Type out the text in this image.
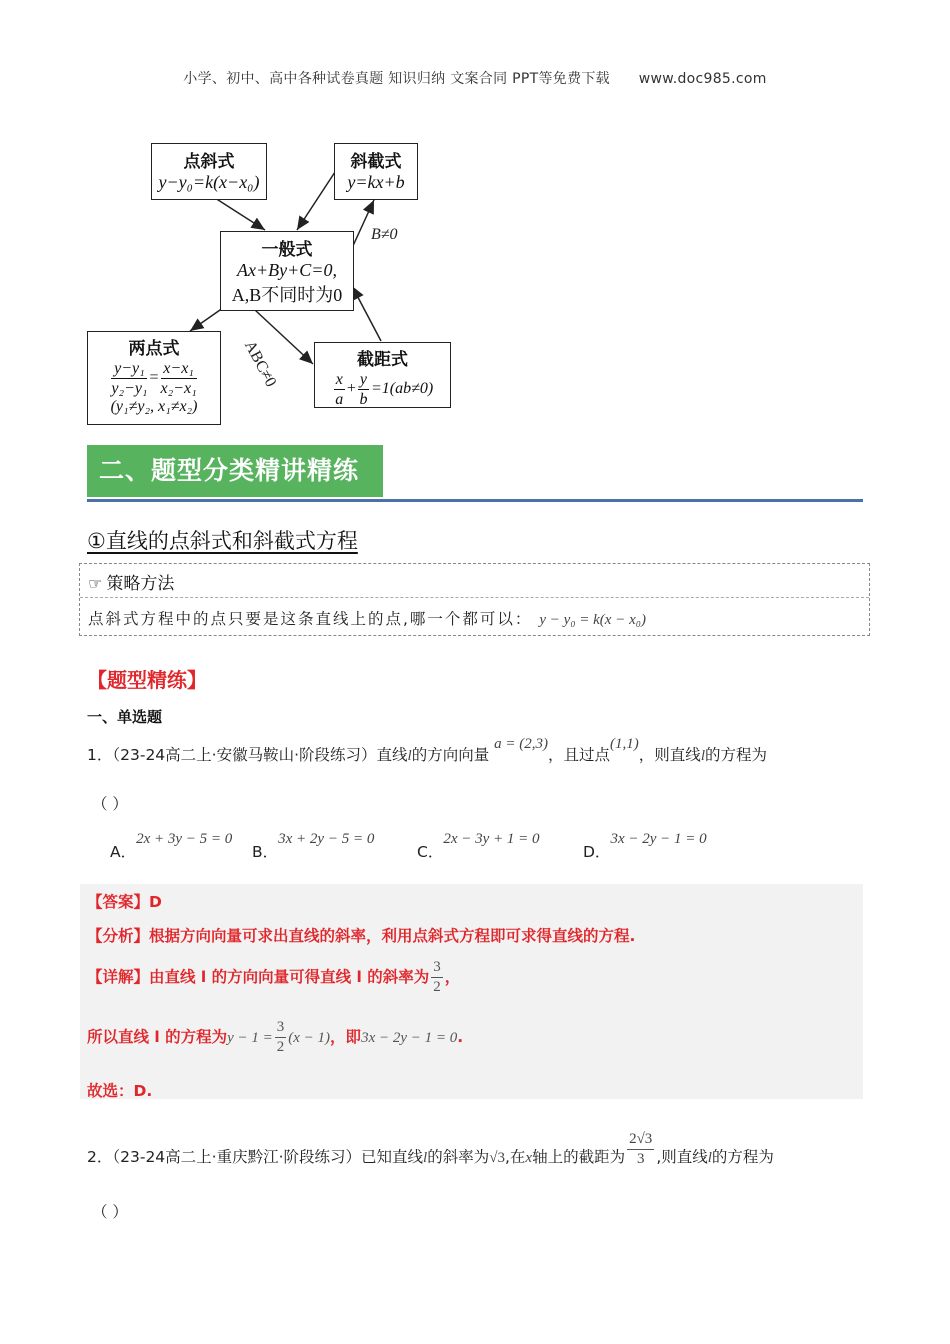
小学、初中、高中各种试卷真题 知识归纳 文案合同 PPT等免费下载 www.doc985.com
点斜式
y−y₀=k(x−x₀)
斜截式
y=kx+b
一般式
Ax+By+C=0,
A,B不同时为0
两点式
$\frac{\text{y−y₁}}{\text{y₂−y₁}} = \frac{\text{x−x₁}}{\text{x₂−x₁}}$
(y₁≠y₂, x₁≠x₂)
截距式
$\frac{x}{a} + \frac{y}{b} =1(ab\ne 0)$
B≠0
ABC≠0
二、题型分类精讲精练
①直线的点斜式和斜截式方程
☞ 策略方法
点斜式方程中的点只要是这条直线上的点,哪一个都可以： y − y₀ = k(x − x₀)
【题型精练】
一、单选题
1．（23-24高二上·安徽马鞍山·阶段练习）直线l的方向向量 a = (2,3)，且过点(1,1)，则直线l的方程为
（ ）
A．2x + 3y − 5 = 0
B．3x + 2y − 5 = 0
C．2x − 3y + 1 = 0
D．3x − 2y − 1 = 0
【答案】D
【分析】根据方向向量可求出直线的斜率，利用点斜式方程即可求得直线的方程.
【详解】由直线 l 的方向向量可得直线 l 的斜率为 $\frac{3}{2}$ ，
所以直线 l 的方程为$y - 1 = \frac{3}{2} (x - 1)$，即3x − 2y − 1 = 0.
故选：D.
2．（23-24高二上·重庆黔江·阶段练习）已知直线l的斜率为√3,在x轴上的截距为 $\frac{2√3}{3}$ ,则直线l的方程为
（ ）
